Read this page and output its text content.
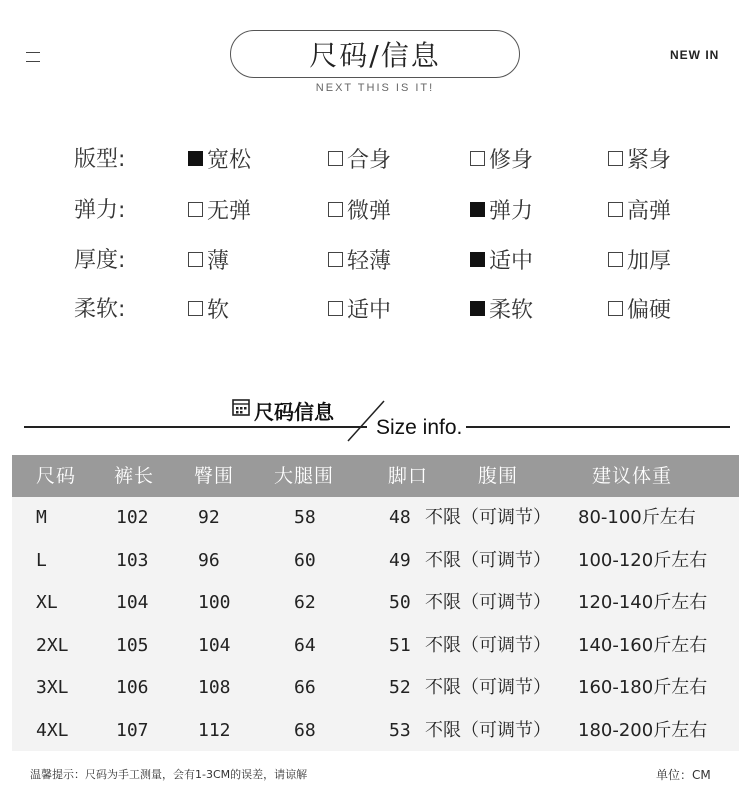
尺码/信息
NEXT THIS IS IT!
NEW IN
版型:	宽松	合身	修身	紧身
弹力:	无弹	微弹	弹力	高弹
厚度:	薄	轻薄	适中	加厚
柔软:	软	适中	柔软	偏硬
尺码信息
Size info.
尺码 裤长 臀围 大腿围	脚口	腹围	建议体重
M	102	92	58	48 不限（可调节） 80-100斤左右
L	103	96	60	49 不限（可调节） 100-120斤左右
XL	104	100	62	50 不限（可调节） 120-140斤左右
2XL	105	104	64	51 不限（可调节） 140-160斤左右
3XL	106	108	66	52 不限（可调节） 160-180斤左右
4XL	107	112	68	53 不限（可调节） 180-200斤左右
温馨提示：尺码为手工测量，会有1-3CM的误差，请谅解	单位：CM
